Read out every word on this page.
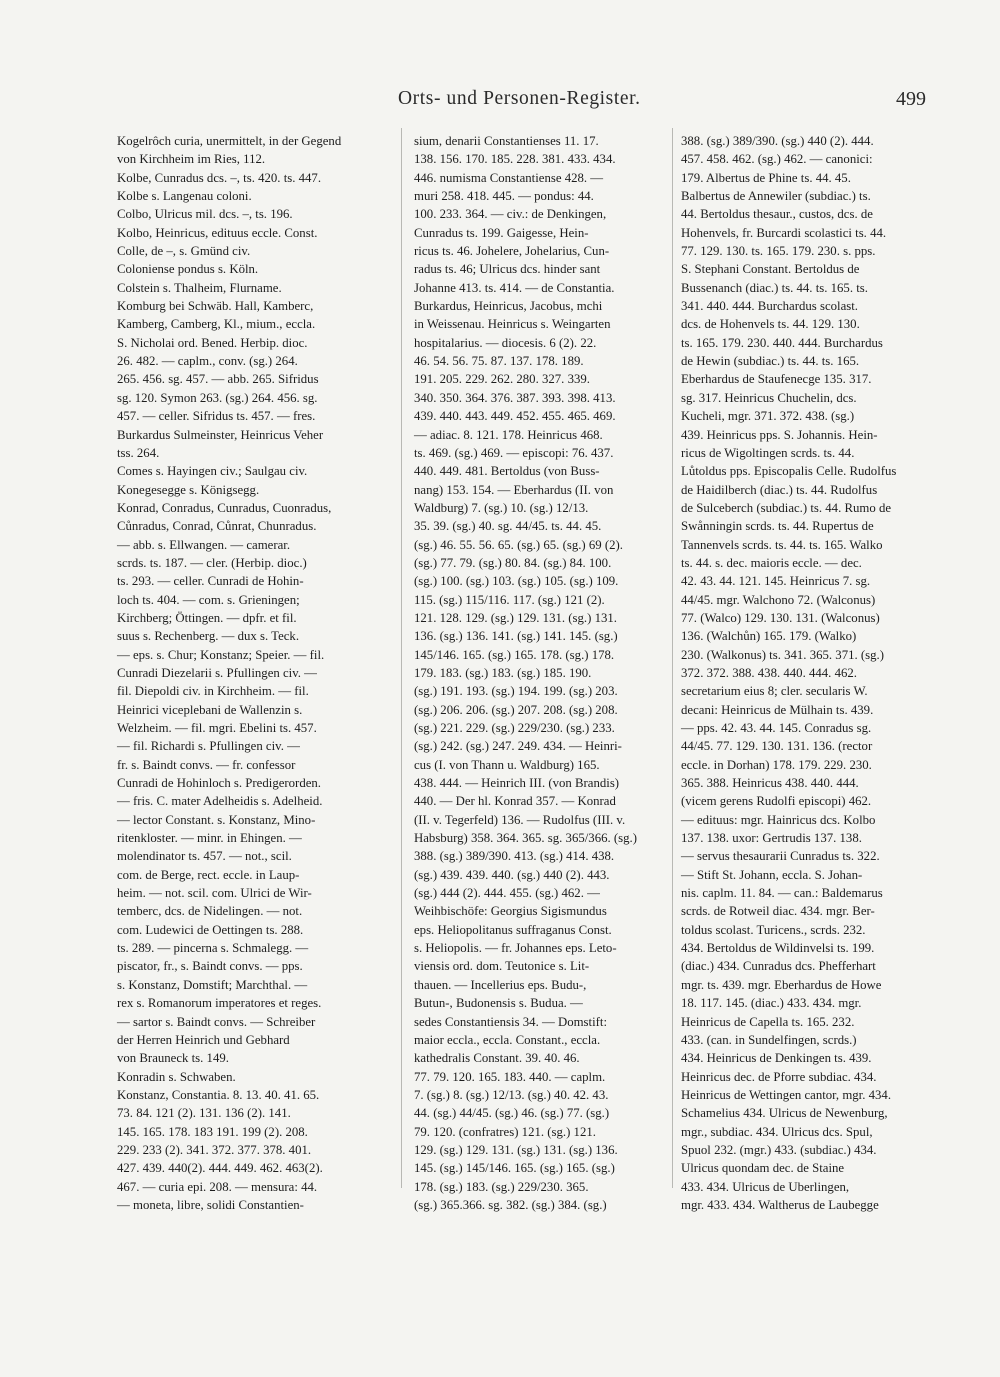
Orts- und Personen-Register.	499
Kogelrôch curia, unermittelt, in der Gegend
von Kirchheim im Ries, 112.
Kolbe, Cunradus dcs. –, ts. 420. ts. 447.
Kolbe s. Langenau coloni.
Colbo, Ulricus mil. dcs. –, ts. 196.
Kolbo, Heinricus, edituus eccle. Const.
Colle, de –, s. Gmünd civ.
Coloniense pondus s. Köln.
Colstein s. Thalheim, Flurname.
Komburg bei Schwäb. Hall, Kamberc,
Kamberg, Camberg, Kl., mium., eccla.
S. Nicholai ord. Bened. Herbip. dioc.
26. 482. — caplm., conv. (sg.) 264.
265. 456. sg. 457. — abb. 265. Sifridus
sg. 120. Symon 263. (sg.) 264. 456. sg.
457. — celler. Sifridus ts. 457. — fres.
Burkardus Sulmeinster, Heinricus Veher
tss. 264.
Comes s. Hayingen civ.; Saulgau civ.
Konegesegge s. Königsegg.
Konrad, Conradus, Cunradus, Cuonradus,
Cůnradus, Conrad, Cůnrat, Chunradus.
— abb. s. Ellwangen. — camerar.
scrds. ts. 187. — cler. (Herbip. dioc.)
ts. 293. — celler. Cunradi de Hohin-
loch ts. 404. — com. s. Grieningen;
Kirchberg; Öttingen. — dpfr. et fil.
suus s. Rechenberg. — dux s. Teck.
— eps. s. Chur; Konstanz; Speier. — fil.
Cunradi Diezelarii s. Pfullingen civ. —
fil. Diepoldi civ. in Kirchheim. — fil.
Heinrici viceplebani de Wallenzin s.
Welzheim. — fil. mgri. Ebelini ts. 457.
— fil. Richardi s. Pfullingen civ. —
fr. s. Baindt convs. — fr. confessor
Cunradi de Hohinloch s. Predigerorden.
— fris. C. mater Adelheidis s. Adelheid.
— lector Constant. s. Konstanz, Mino-
ritenkloster. — minr. in Ehingen. —
molendinator ts. 457. — not., scil.
com. de Berge, rect. eccle. in Laup-
heim. — not. scil. com. Ulrici de Wir-
temberc, dcs. de Nidelingen. — not.
com. Ludewici de Oettingen ts. 288.
ts. 289. — pincerna s. Schmalegg. —
piscator, fr., s. Baindt convs. — pps.
s. Konstanz, Domstift; Marchthal. —
rex s. Romanorum imperatores et reges.
— sartor s. Baindt convs. — Schreiber
der Herren Heinrich und Gebhard
von Brauneck ts. 149.
Konradin s. Schwaben.
Konstanz, Constantia. 8. 13. 40. 41. 65.
73. 84. 121 (2). 131. 136 (2). 141.
145. 165. 178. 183 191. 199 (2). 208.
229. 233 (2). 341. 372. 377. 378. 401.
427. 439. 440(2). 444. 449. 462. 463(2).
467. — curia epi. 208. — mensura: 44.
— moneta, libre, solidi Constantien-
sium, denarii Constantienses 11. 17.
138. 156. 170. 185. 228. 381. 433. 434.
446. numisma Constantiense 428. —
muri 258. 418. 445. — pondus: 44.
100. 233. 364. — civ.: de Denkingen,
Cunradus ts. 199. Gaigesse, Hein-
ricus ts. 46. Johelere, Johelarius, Cun-
radus ts. 46; Ulricus dcs. hinder sant
Johanne 413. ts. 414. — de Constantia.
Burkardus, Heinricus, Jacobus, mchi
in Weissenau. Heinricus s. Weingarten
hospitalarius. — diocesis. 6 (2). 22.
46. 54. 56. 75. 87. 137. 178. 189.
191. 205. 229. 262. 280. 327. 339.
340. 350. 364. 376. 387. 393. 398. 413.
439. 440. 443. 449. 452. 455. 465. 469.
— adiac. 8. 121. 178. Heinricus 468.
ts. 469. (sg.) 469. — episcopi: 76. 437.
440. 449. 481. Bertoldus (von Buss-
nang) 153. 154. — Eberhardus (II. von
Waldburg) 7. (sg.) 10. (sg.) 12/13.
35. 39. (sg.) 40. sg. 44/45. ts. 44. 45.
(sg.) 46. 55. 56. 65. (sg.) 65. (sg.) 69 (2).
(sg.) 77. 79. (sg.) 80. 84. (sg.) 84. 100.
(sg.) 100. (sg.) 103. (sg.) 105. (sg.) 109.
115. (sg.) 115/116. 117. (sg.) 121 (2).
121. 128. 129. (sg.) 129. 131. (sg.) 131.
136. (sg.) 136. 141. (sg.) 141. 145. (sg.)
145/146. 165. (sg.) 165. 178. (sg.) 178.
179. 183. (sg.) 183. (sg.) 185. 190.
(sg.) 191. 193. (sg.) 194. 199. (sg.) 203.
(sg.) 206. 206. (sg.) 207. 208. (sg.) 208.
(sg.) 221. 229. (sg.) 229/230. (sg.) 233.
(sg.) 242. (sg.) 247. 249. 434. — Heinri-
cus (I. von Thann u. Waldburg) 165.
438. 444. — Heinrich III. (von Brandis)
440. — Der hl. Konrad 357. — Konrad
(II. v. Tegerfeld) 136. — Rudolfus (III. v.
Habsburg) 358. 364. 365. sg. 365/366. (sg.)
388. (sg.) 389/390. 413. (sg.) 414. 438.
(sg.) 439. 439. 440. (sg.) 440 (2). 443.
(sg.) 444 (2). 444. 455. (sg.) 462. —
Weihbischöfe: Georgius Sigismundus
eps. Heliopolitanus suffraganus Const.
s. Heliopolis. — fr. Johannes eps. Leto-
viensis ord. dom. Teutonice s. Lit-
thauen. — Incellerius eps. Budu-,
Butun-, Budonensis s. Budua. —
sedes Constantiensis 34. — Domstift:
maior eccla., eccla. Constant., eccla.
kathedralis Constant. 39. 40. 46.
77. 79. 120. 165. 183. 440. — caplm.
7. (sg.) 8. (sg.) 12/13. (sg.) 40. 42. 43.
44. (sg.) 44/45. (sg.) 46. (sg.) 77. (sg.)
79. 120. (confratres) 121. (sg.) 121.
129. (sg.) 129. 131. (sg.) 131. (sg.) 136.
145. (sg.) 145/146. 165. (sg.) 165. (sg.)
178. (sg.) 183. (sg.) 229/230. 365.
(sg.) 365.366. sg. 382. (sg.) 384. (sg.)
388. (sg.) 389/390. (sg.) 440 (2). 444.
457. 458. 462. (sg.) 462. — canonici:
179. Albertus de Phine ts. 44. 45.
Balbertus de Annewiler (subdiac.) ts.
44. Bertoldus thesaur., custos, dcs. de
Hohenvels, fr. Burcardi scolastici ts. 44.
77. 129. 130. ts. 165. 179. 230. s. pps.
S. Stephani Constant. Bertoldus de
Bussenanch (diac.) ts. 44. ts. 165. ts.
341. 440. 444. Burchardus scolast.
dcs. de Hohenvels ts. 44. 129. 130.
ts. 165. 179. 230. 440. 444. Burchardus
de Hewin (subdiac.) ts. 44. ts. 165.
Eberhardus de Staufenecge 135. 317.
sg. 317. Heinricus Chuchelin, dcs.
Kucheli, mgr. 371. 372. 438. (sg.)
439. Heinricus pps. S. Johannis. Hein-
ricus de Wigoltingen scrds. ts. 44.
Lůtoldus pps. Episcopalis Celle. Rudolfus
de Haidilberch (diac.) ts. 44. Rudolfus
de Sulceberch (subdiac.) ts. 44. Rumo de
Swånningin scrds. ts. 44. Rupertus de
Tannenvels scrds. ts. 44. ts. 165. Walko
ts. 44. s. dec. maioris eccle. — dec.
42. 43. 44. 121. 145. Heinricus 7. sg.
44/45. mgr. Walchono 72. (Walconus)
77. (Walco) 129. 130. 131. (Walconus)
136. (Walchůn) 165. 179. (Walko)
230. (Walkonus) ts. 341. 365. 371. (sg.)
372. 372. 388. 438. 440. 444. 462.
secretarium eius 8; cler. secularis W.
decani: Heinricus de Mülhain ts. 439.
— pps. 42. 43. 44. 145. Conradus sg.
44/45. 77. 129. 130. 131. 136. (rector
eccle. in Dorhan) 178. 179. 229. 230.
365. 388. Heinricus 438. 440. 444.
(vicem gerens Rudolfi episcopi) 462.
— edituus: mgr. Hainricus dcs. Kolbo
137. 138. uxor: Gertrudis 137. 138.
— servus thesaurarii Cunradus ts. 322.
— Stift St. Johann, eccla. S. Johan-
nis. caplm. 11. 84. — can.: Baldemarus
scrds. de Rotweil diac. 434. mgr. Ber-
toldus scolast. Turicens., scrds. 232.
434. Bertoldus de Wildinvelsi ts. 199.
(diac.) 434. Cunradus dcs. Phefferhart
mgr. ts. 439. mgr. Eberhardus de Howe
18. 117. 145. (diac.) 433. 434. mgr.
Heinricus de Capella ts. 165. 232.
433. (can. in Sundelfingen, scrds.)
434. Heinricus de Denkingen ts. 439.
Heinricus dec. de Pforre subdiac. 434.
Heinricus de Wettingen cantor, mgr. 434.
Schamelius 434. Ulricus de Newenburg,
mgr., subdiac. 434. Ulricus dcs. Spul,
Spuol 232. (mgr.) 433. (subdiac.) 434.
Ulricus quondam dec. de Staine
433. 434. Ulricus de Uberlingen,
mgr. 433. 434. Waltherus de Laubegge
